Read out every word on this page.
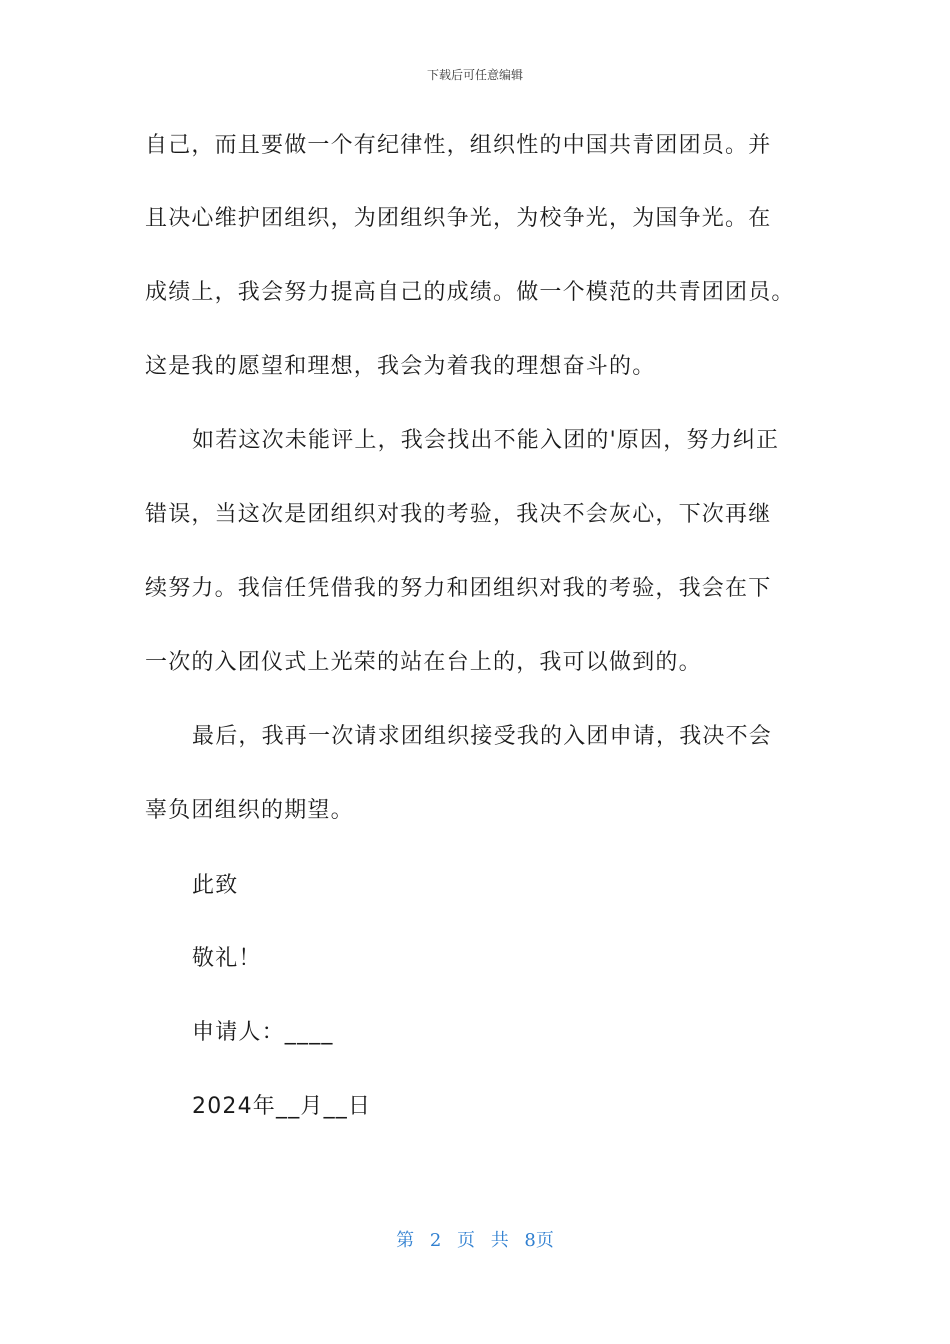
下载后可任意编辑
自己，而且要做一个有纪律性，组织性的中国共青团团员。并
且决心维护团组织，为团组织争光，为校争光，为国争光。在
成绩上，我会努力提高自己的成绩。做一个模范的共青团团员。
这是我的愿望和理想，我会为着我的理想奋斗的。
如若这次未能评上，我会找出不能入团的'原因，努力纠正
错误，当这次是团组织对我的考验，我决不会灰心，下次再继
续努力。我信任凭借我的努力和团组织对我的考验，我会在下
一次的入团仪式上光荣的站在台上的，我可以做到的。
最后，我再一次请求团组织接受我的入团申请，我决不会
辜负团组织的期望。
此致
敬礼！
申请人：____
2024年__月__日
第 2 页 共 8页
